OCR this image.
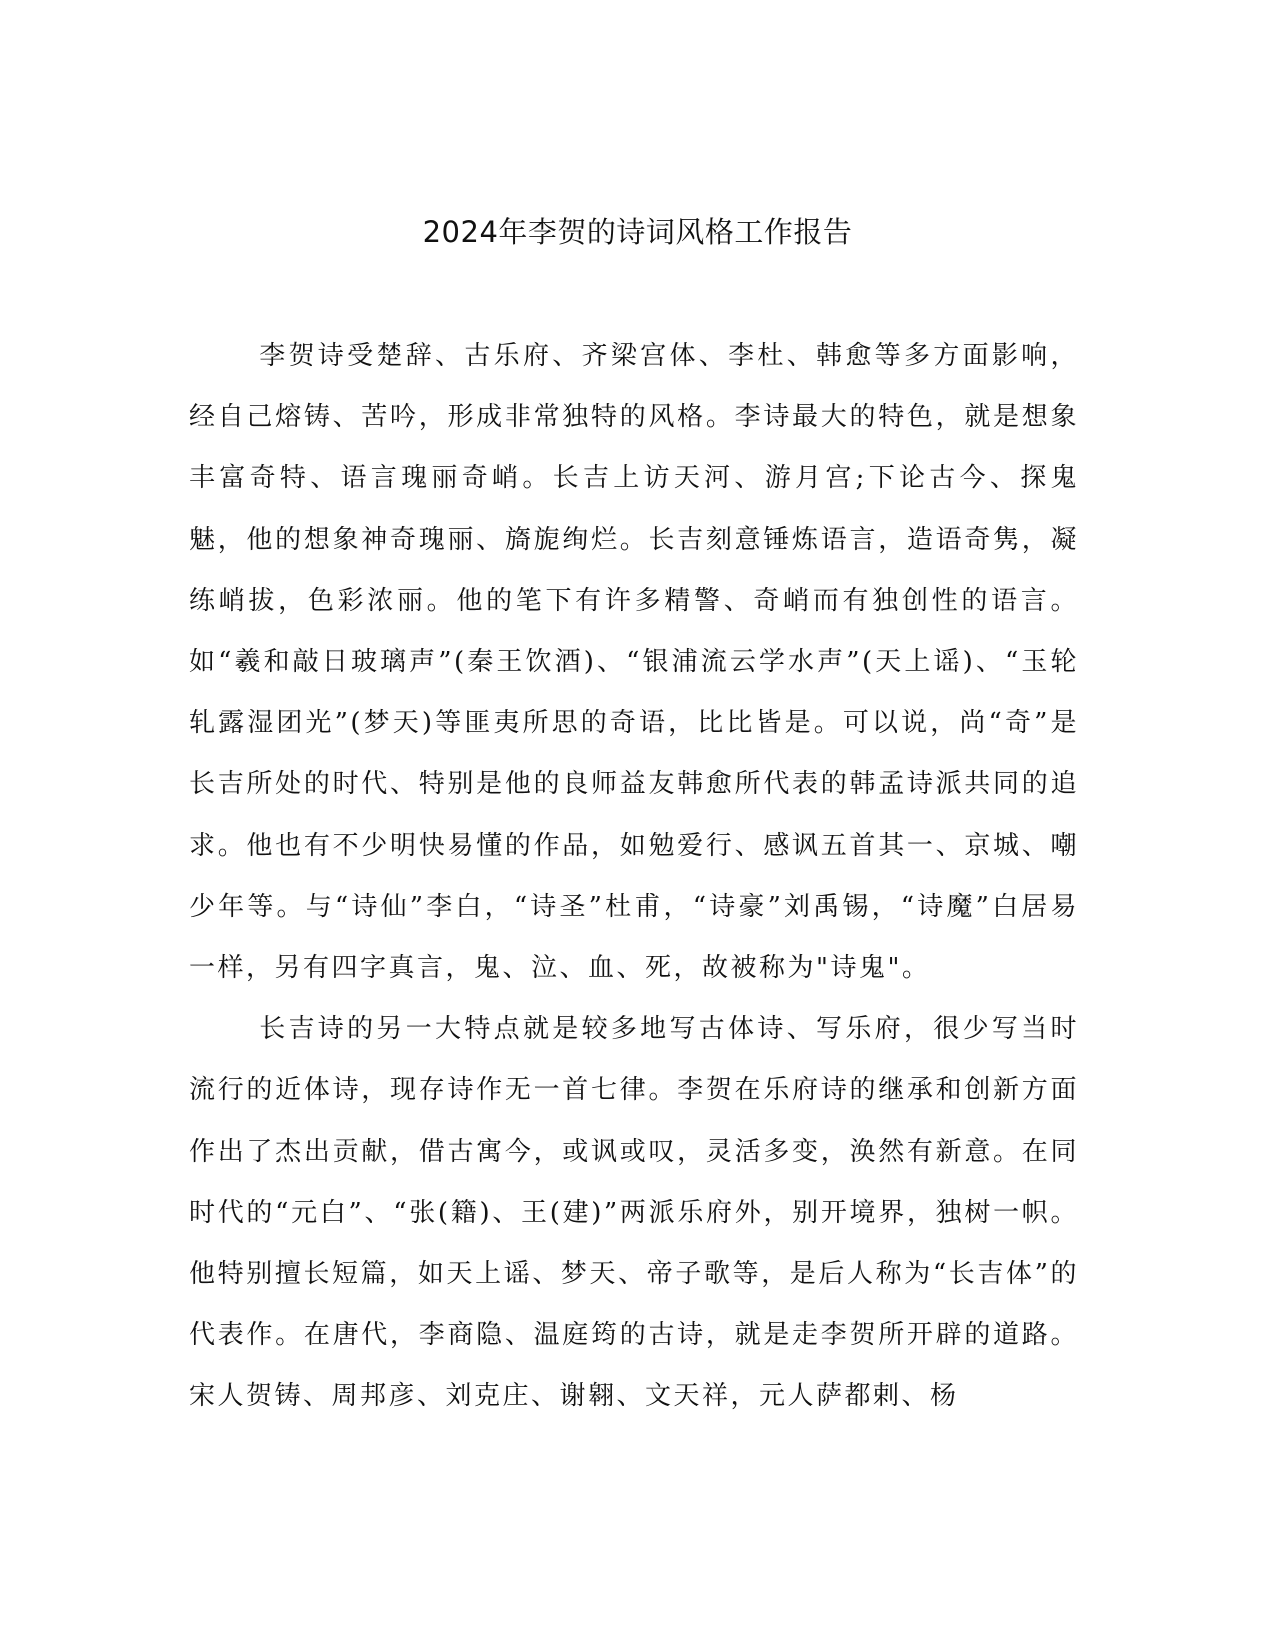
2024年李贺的诗词风格工作报告

李贺诗受楚辞、古乐府、齐梁宫体、李杜、韩愈等多方面影响，经自己熔铸、苦吟，形成非常独特的风格。李诗最大的特色，就是想象丰富奇特、语言瑰丽奇峭。长吉上访天河、游月宫;下论古今、探鬼魅，他的想象神奇瑰丽、旖旎绚烂。长吉刻意锤炼语言，造语奇隽，凝练峭拔，色彩浓丽。他的笔下有许多精警、奇峭而有独创性的语言。如“羲和敲日玻璃声”(秦王饮酒)、“银浦流云学水声”(天上谣)、“玉轮轧露湿团光”(梦天)等匪夷所思的奇语，比比皆是。可以说，尚“奇”是长吉所处的时代、特别是他的良师益友韩愈所代表的韩孟诗派共同的追求。他也有不少明快易懂的作品，如勉爱行、感讽五首其一、京城、嘲少年等。与“诗仙”李白，“诗圣”杜甫，“诗豪”刘禹锡，“诗魔”白居易一样，另有四字真言，鬼、泣、血、死，故被称为"诗鬼"。

长吉诗的另一大特点就是较多地写古体诗、写乐府，很少写当时流行的近体诗，现存诗作无一首七律。李贺在乐府诗的继承和创新方面作出了杰出贡献，借古寓今，或讽或叹，灵活多变，涣然有新意。在同时代的“元白”、“张(籍)、王(建)”两派乐府外，别开境界，独树一帜。他特别擅长短篇，如天上谣、梦天、帝子歌等，是后人称为“长吉体”的代表作。在唐代，李商隐、温庭筠的古诗，就是走李贺所开辟的道路。宋人贺铸、周邦彦、刘克庄、谢翱、文天祥，元人萨都剌、杨
